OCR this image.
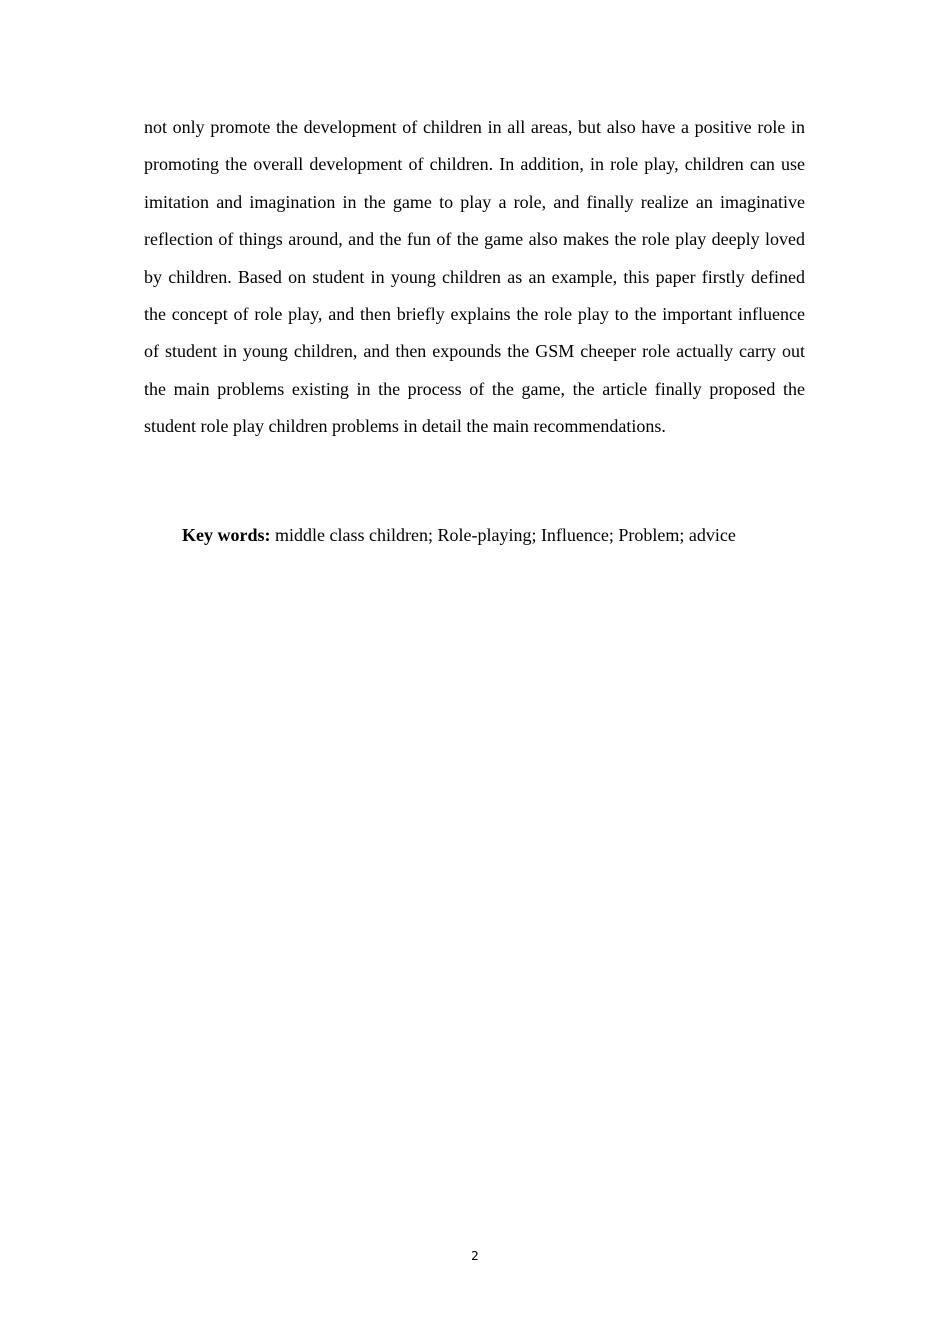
not only promote the development of children in all areas, but also have a positive role in promoting the overall development of children. In addition, in role play, children can use imitation and imagination in the game to play a role, and finally realize an imaginative reflection of things around, and the fun of the game also makes the role play deeply loved by children. Based on student in young children as an example, this paper firstly defined the concept of role play, and then briefly explains the role play to the important influence of student in young children, and then expounds the GSM cheeper role actually carry out the main problems existing in the process of the game, the article finally proposed the student role play children problems in detail the main recommendations.

Key words: middle class children; Role-playing; Influence; Problem; advice

2
